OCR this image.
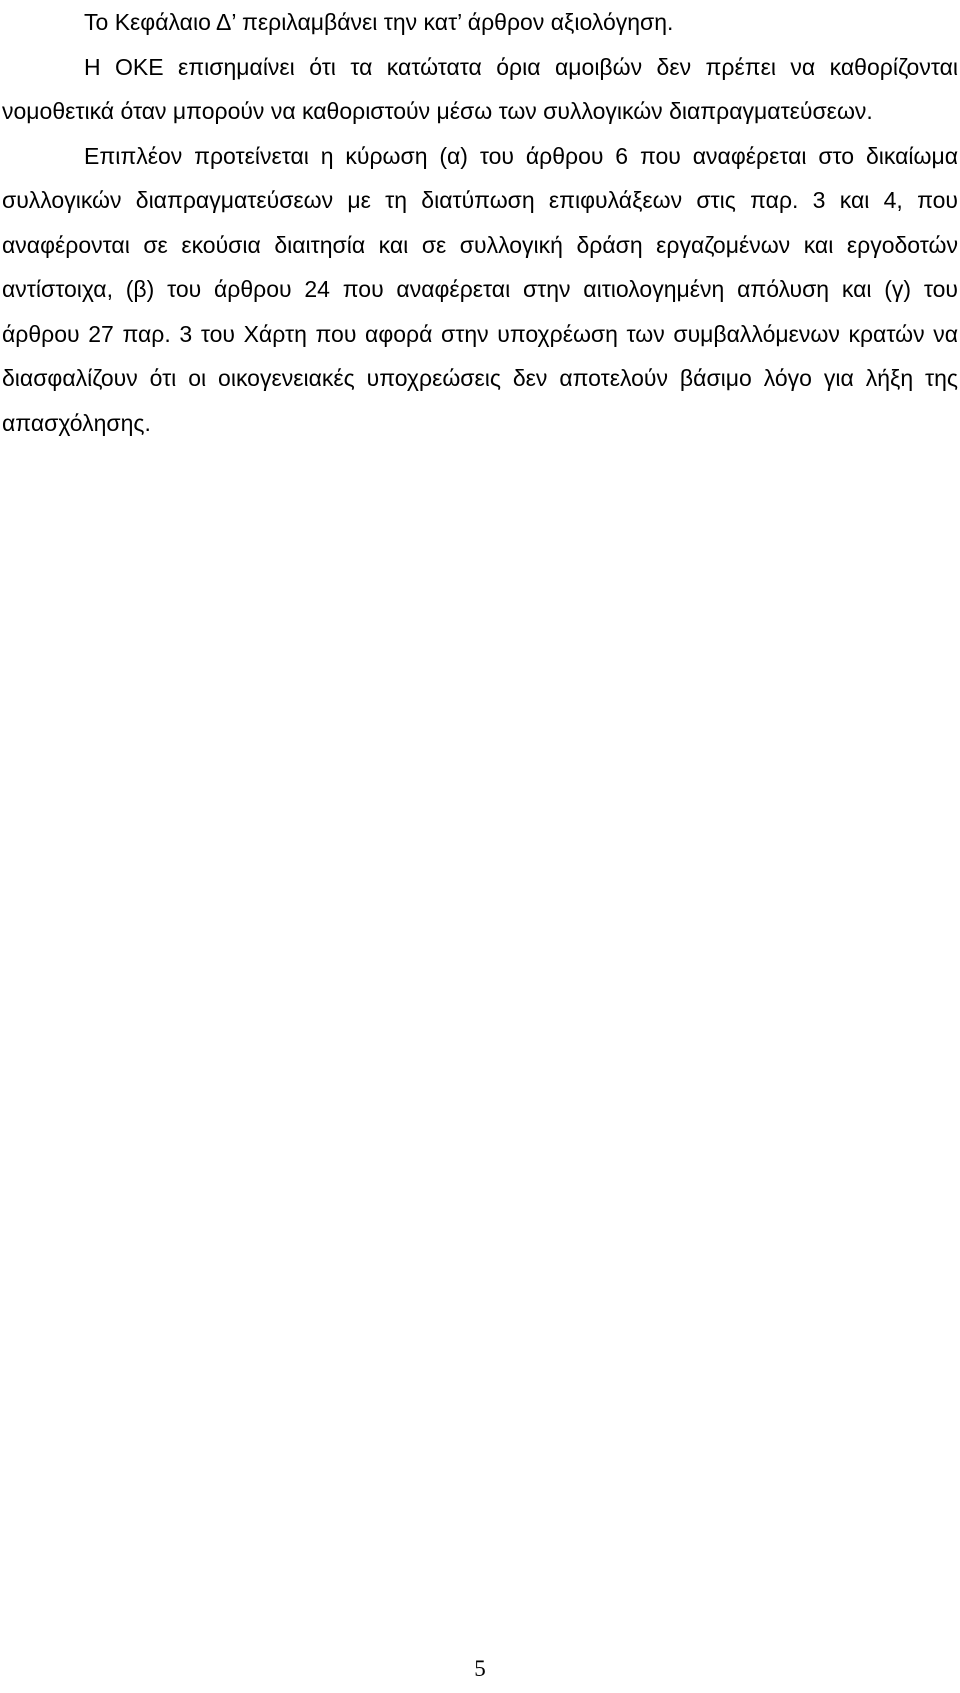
Το Κεφάλαιο Δ’ περιλαμβάνει την κατ’ άρθρον αξιολόγηση.

Η ΟΚΕ επισημαίνει ότι τα κατώτατα όρια αμοιβών δεν πρέπει να καθορίζονται νομοθετικά όταν μπορούν να καθοριστούν μέσω των συλλογικών διαπραγματεύσεων.

Επιπλέον προτείνεται η κύρωση (α) του άρθρου 6 που αναφέρεται στο δικαίωμα συλλογικών διαπραγματεύσεων με τη διατύπωση επιφυλάξεων στις παρ. 3 και 4, που αναφέρονται σε εκούσια διαιτησία και σε συλλογική δράση εργαζομένων και εργοδοτών αντίστοιχα, (β) του άρθρου 24 που αναφέρεται στην αιτιολογημένη απόλυση και (γ) του άρθρου 27 παρ. 3 του Χάρτη που αφορά στην υποχρέωση των συμβαλλόμενων κρατών να διασφαλίζουν ότι οι οικογενειακές υποχρεώσεις δεν αποτελούν βάσιμο λόγο για λήξη της απασχόλησης.

5
